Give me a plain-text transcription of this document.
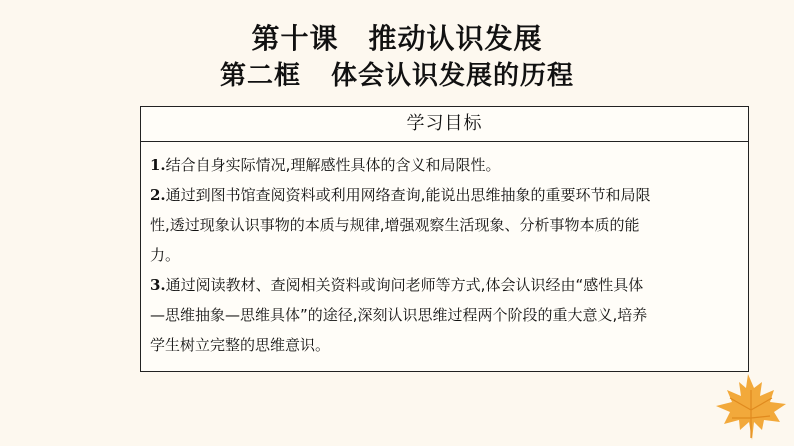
第十课 推动认识发展
第二框 体会认识发展的历程
学习目标

1.结合自身实际情况,理解感性具体的含义和局限性。

2.通过到图书馆查阅资料或利用网络查询,能说出思维抽象的重要环节和局限

性,透过现象认识事物的本质与规律,增强观察生活现象、分析事物本质的能

力。

3.通过阅读教材、查阅相关资料或询问老师等方式,体会认识经由“感性具体

—思维抽象—思维具体”的途径,深刻认识思维过程两个阶段的重大意义,培养

学生树立完整的思维意识。
